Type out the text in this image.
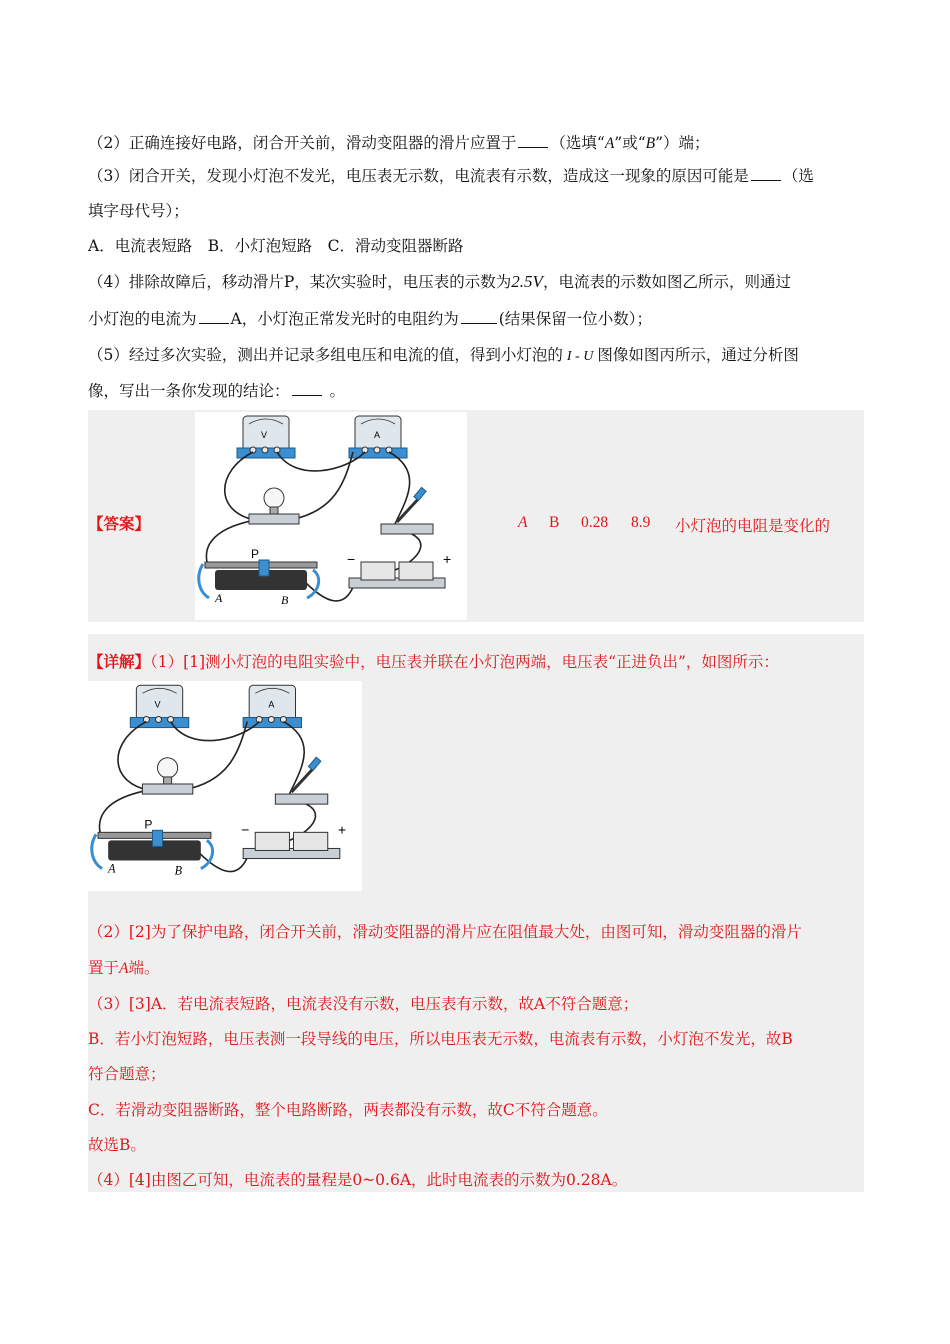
（2）正确连接好电路，闭合开关前，滑动变阻器的滑片应置于 （选填“A”或“B”）端；
（3）闭合开关，发现小灯泡不发光，电压表无示数，电流表有示数，造成这一现象的原因可能是 （选
填字母代号）；
A．电流表短路　B．小灯泡短路　C．滑动变阻器断路
（4）排除故障后，移动滑片P，某次实验时，电压表的示数为2.5V，电流表的示数如图乙所示，则通过
小灯泡的电流为 A，小灯泡正常发光时的电阻约为	(结果保留一位小数）；
（5）经过多次实验，测出并记录多组电压和电流的值，得到小灯泡的 I - U 图像如图丙所示，通过分析图
像，写出一条你发现的结论：	。
【答案】
V	A
P
A	B
−	+
A B 0.28 8.9 小灯泡的电阻是变化的
【详解】（1）[1]测小灯泡的电阻实验中，电压表并联在小灯泡两端，电压表“正进负出”，如图所示：
V	A
P
A	B
−	+
（2）[2]为了保护电路，闭合开关前，滑动变阻器的滑片应在阻值最大处，由图可知，滑动变阻器的滑片
置于A端。
（3）[3]A．若电流表短路，电流表没有示数，电压表有示数，故A不符合题意；
B．若小灯泡短路，电压表测一段导线的电压，所以电压表无示数，电流表有示数，小灯泡不发光，故B
符合题意；
C．若滑动变阻器断路，整个电路断路，两表都没有示数，故C不符合题意。
故选B。
（4）[4]由图乙可知，电流表的量程是0~0.6A，此时电流表的示数为0.28A。
